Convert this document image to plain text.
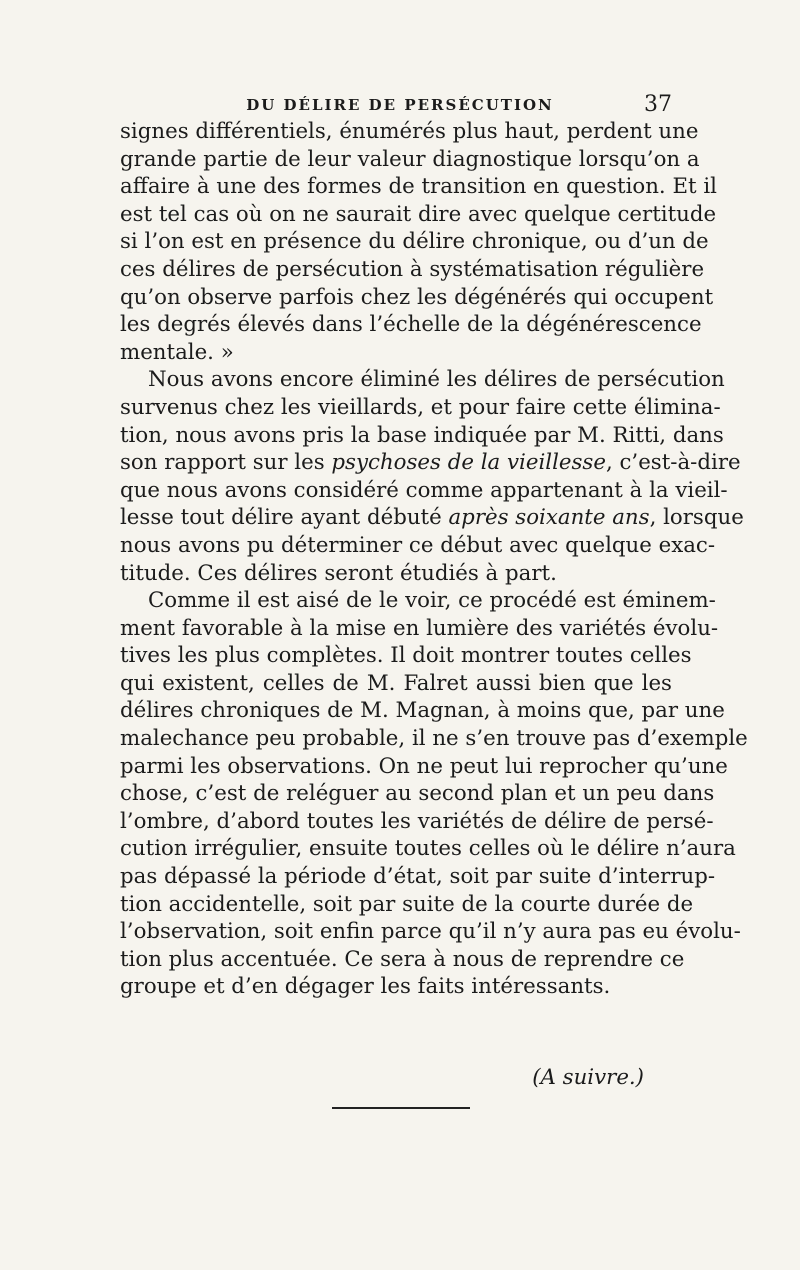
DU DÉLIRE DE PERSÉCUTION	37
signes différentiels, énumérés plus haut, perdent une
grande partie de leur valeur diagnostique lorsqu’on a
affaire à une des formes de transition en question. Et il
est tel cas où on ne saurait dire avec quelque certitude
si l’on est en présence du délire chronique, ou d’un de
ces délires de persécution à systématisation régulière
qu’on observe parfois chez les dégénérés qui occupent
les degrés élevés dans l’échelle de la dégénérescence
mentale. »
Nous avons encore éliminé les délires de persécution
survenus chez les vieillards, et pour faire cette élimina-
tion, nous avons pris la base indiquée par M. Ritti, dans
son rapport sur les psychoses de la vieillesse, c’est-à-dire
que nous avons considéré comme appartenant à la vieil-
lesse tout délire ayant débuté après soixante ans, lorsque
nous avons pu déterminer ce début avec quelque exac-
titude. Ces délires seront étudiés à part.
Comme il est aisé de le voir, ce procédé est éminem-
ment favorable à la mise en lumière des variétés évolu-
tives les plus complètes. Il doit montrer toutes celles
qui existent, celles de M. Falret aussi bien que les
délires chroniques de M. Magnan, à moins que, par une
malechance peu probable, il ne s’en trouve pas d’exemple
parmi les observations. On ne peut lui reprocher qu’une
chose, c’est de reléguer au second plan et un peu dans
l’ombre, d’abord toutes les variétés de délire de persé-
cution irrégulier, ensuite toutes celles où le délire n’aura
pas dépassé la période d’état, soit par suite d’interrup-
tion accidentelle, soit par suite de la courte durée de
l’observation, soit enfin parce qu’il n’y aura pas eu évolu-
tion plus accentuée. Ce sera à nous de reprendre ce
groupe et d’en dégager les faits intéressants.
(A suivre.)
